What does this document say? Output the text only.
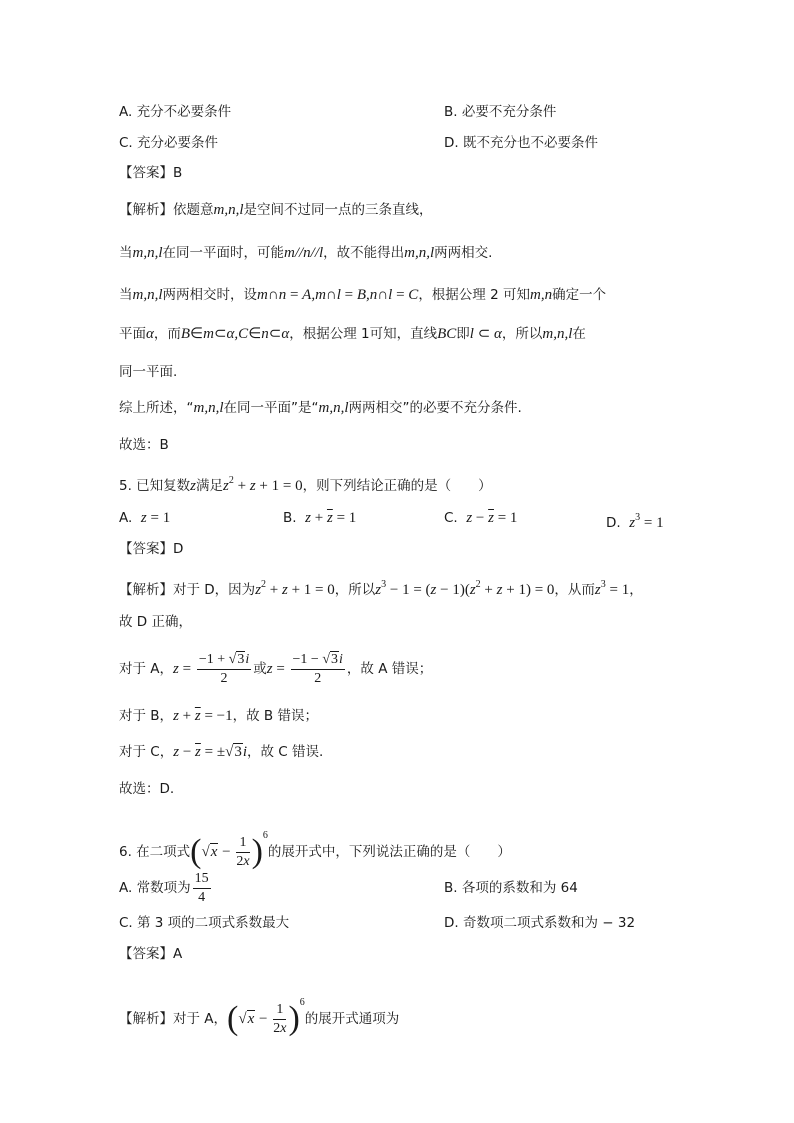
A. 充分不必要条件	B. 必要不充分条件
C. 充分必要条件	D. 既不充分也不必要条件
【答案】B
【解析】依题意m,n,l是空间不过同一点的三条直线，
当m,n,l在同一平面时，可能m//n//l，故不能得出m,n,l两两相交.
当m,n,l两两相交时，设m∩n = A,m∩l = B,n∩l = C，根据公理 2 可知m,n确定一个
平面α，而B∈m⊂α,C∈n⊂α，根据公理 1可知，直线BC即l ⊂ α，所以m,n,l在
同一平面.
综上所述，“m,n,l在同一平面”是“m,n,l两两相交”的必要不充分条件.
故选：B
5. 已知复数z满足$z^2 + z + 1 = 0$，则下列结论正确的是（　　）
A. z = 1	B. $z + \overline{z} = 1$	C. $z - \overline{z} = 1$	D. $z^3 = 1$
【答案】D
【解析】对于 D，因为$z^2 + z + 1 = 0$，所以$z^3 - 1 = (z - 1)(z^2 + z + 1) = 0$，从而$z^3 = 1$，
故 D 正确，
对于 A，$z = \frac{-1 + √3i}{2}$ 或$z = \frac{-1 - √3i}{2}$ ，故 A 错误；
对于 B，$z + \overline{z} = -1$，故 B 错误；
对于 C，$z - \overline{z} = \pm√3i$，故 C 错误.
故选：D.
6. 在二项式$(√x - \frac{1}{2x} )^6$的展开式中，下列说法正确的是（　　）
A. 常数项为 $\frac{15}{4}$	B. 各项的系数和为 64
C. 第 3 项的二项式系数最大	D. 奇数项二项式系数和为 − 32
【答案】A
【解析】对于 A，$(√x - \frac{1}{2x} )^6$的展开式通项为
